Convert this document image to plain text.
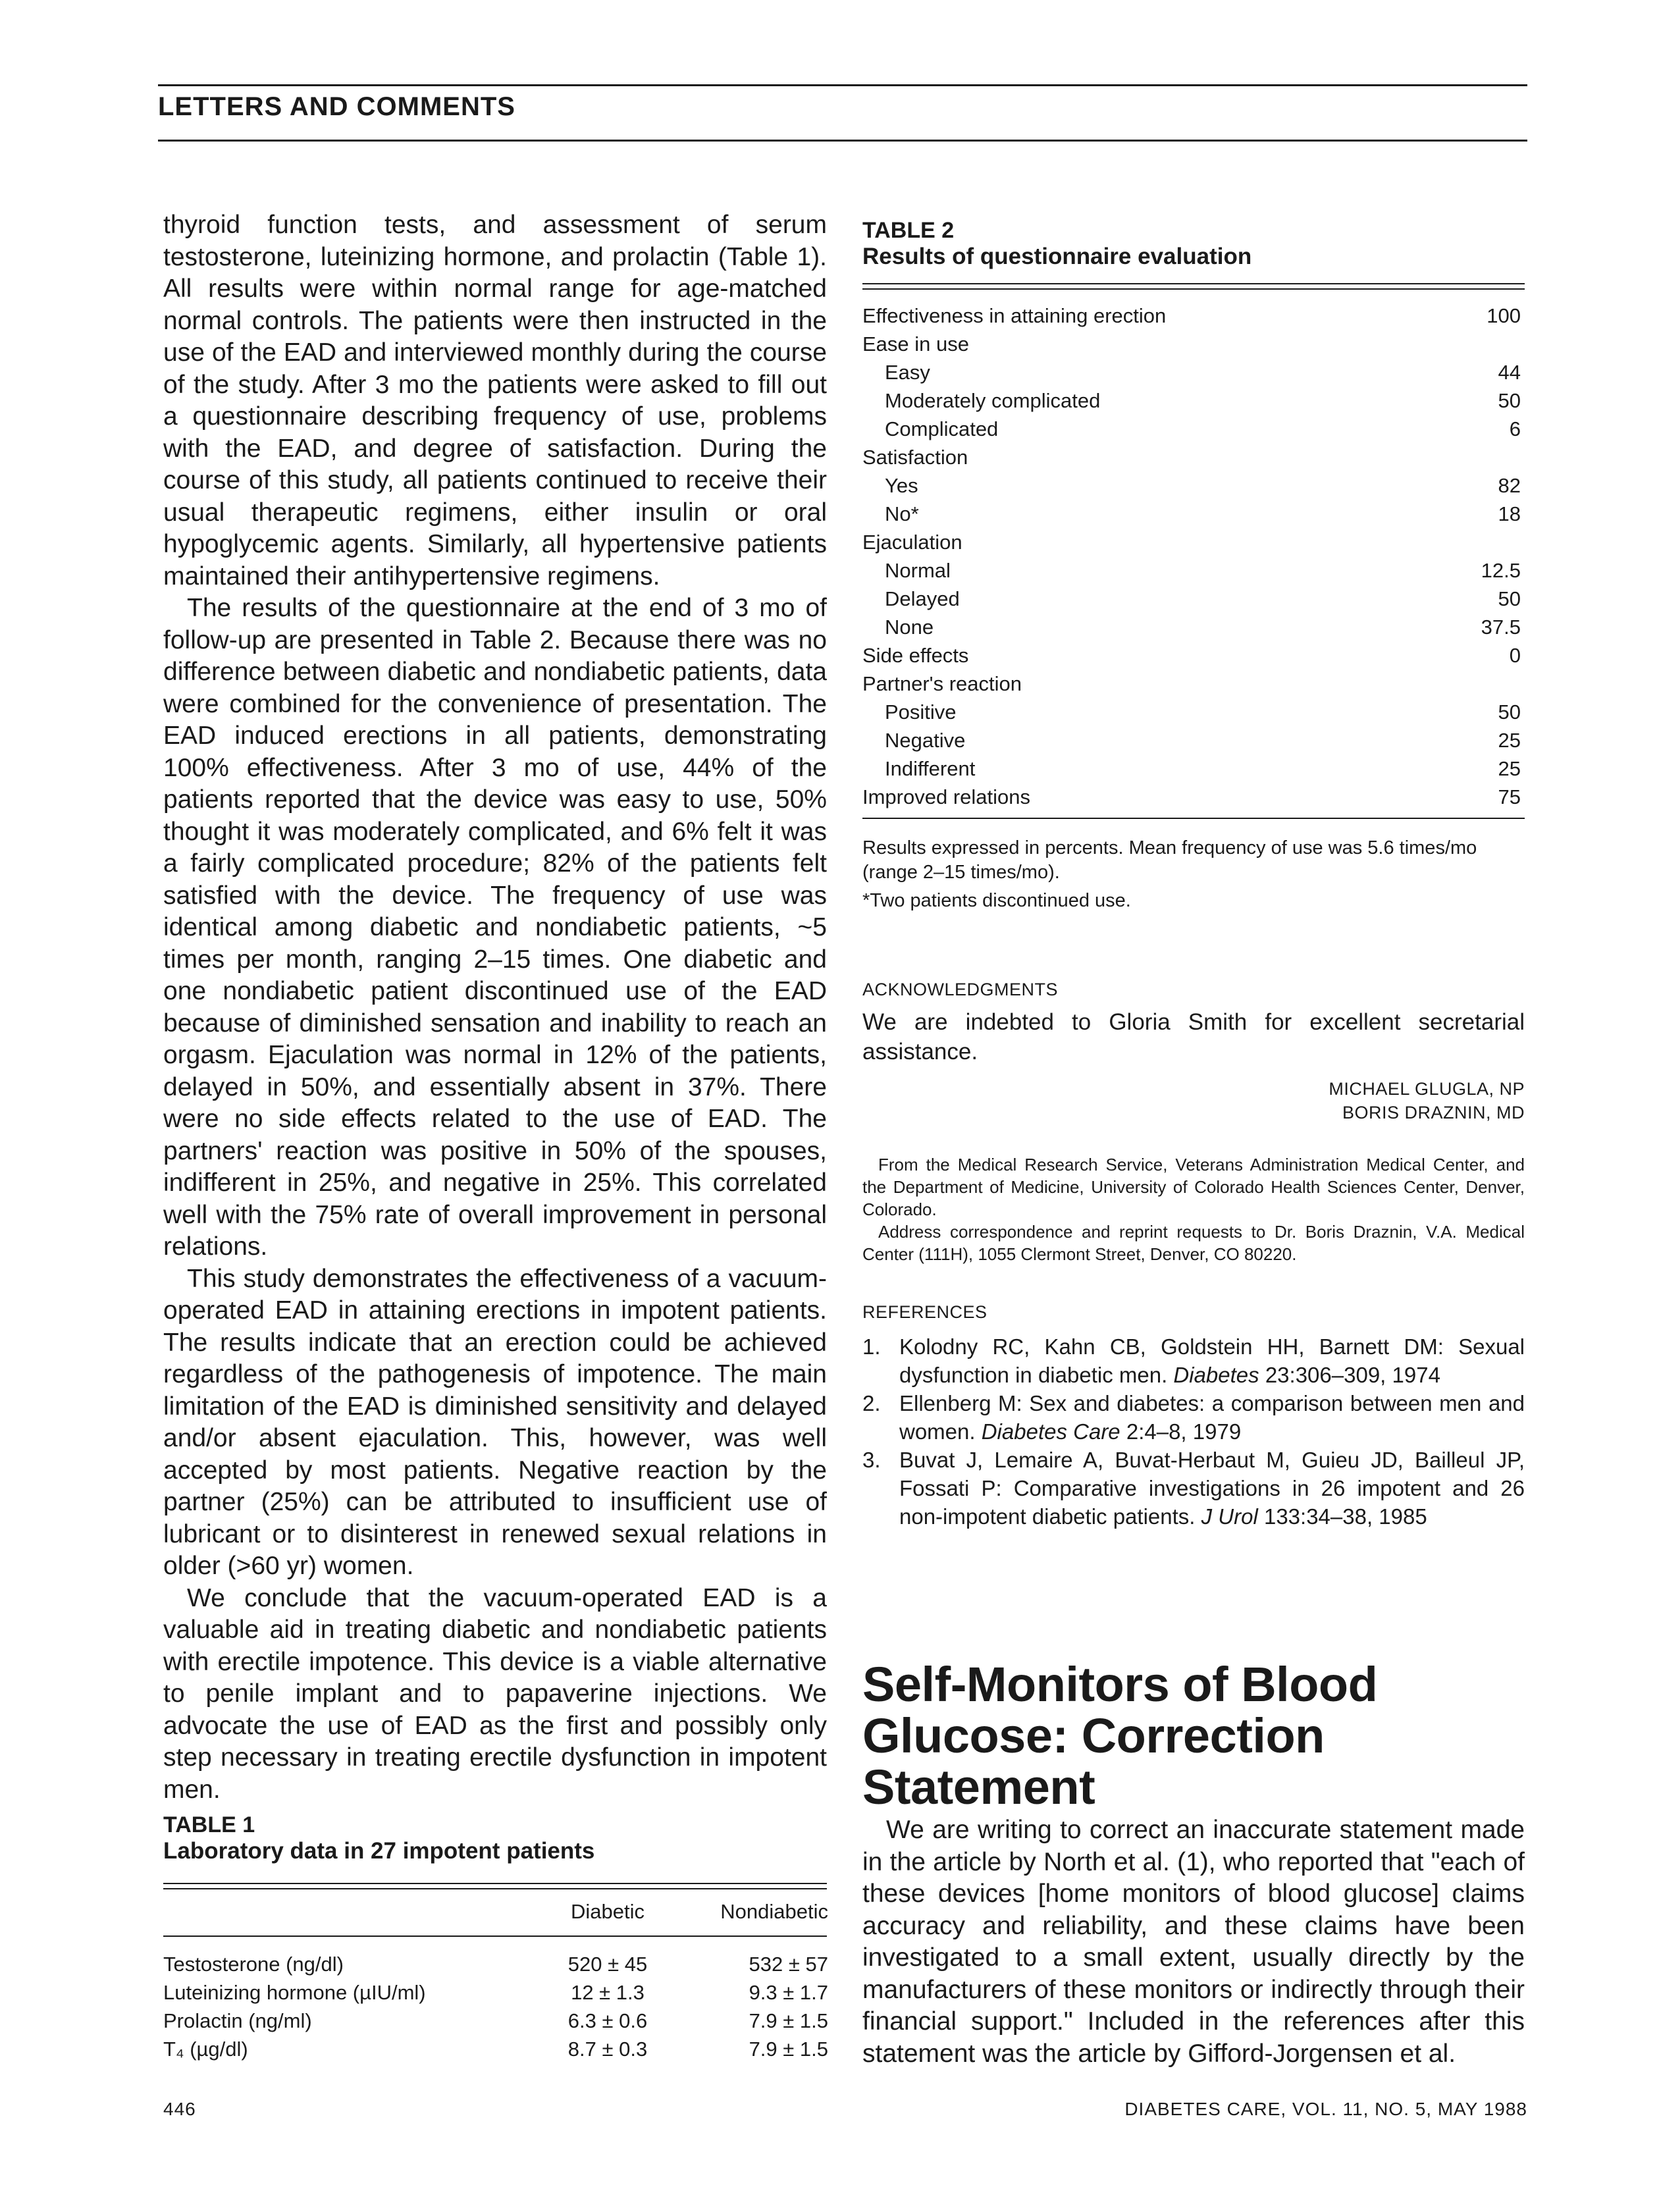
LETTERS AND COMMENTS

thyroid function tests, and assessment of serum testosterone, luteinizing hormone, and prolactin (Table 1). All results were within normal range for age-matched normal controls. The patients were then instructed in the use of the EAD and interviewed monthly during the course of the study. After 3 mo the patients were asked to fill out a questionnaire describing frequency of use, problems with the EAD, and degree of satisfaction. During the course of this study, all patients continued to receive their usual therapeutic regimens, either insulin or oral hypoglycemic agents. Similarly, all hypertensive patients maintained their antihypertensive regimens.

The results of the questionnaire at the end of 3 mo of follow-up are presented in Table 2. Because there was no difference between diabetic and nondiabetic patients, data were combined for the convenience of presentation. The EAD induced erections in all patients, demonstrating 100% effectiveness. After 3 mo of use, 44% of the patients reported that the device was easy to use, 50% thought it was moderately complicated, and 6% felt it was a fairly complicated procedure; 82% of the patients felt satisfied with the device. The frequency of use was identical among diabetic and nondiabetic patients, ~5 times per month, ranging 2–15 times. One diabetic and one nondiabetic patient discontinued use of the EAD because of diminished sensation and inability to reach an orgasm. Ejaculation was normal in 12% of the patients, delayed in 50%, and essentially absent in 37%. There were no side effects related to the use of EAD. The partners' reaction was positive in 50% of the spouses, indifferent in 25%, and negative in 25%. This correlated well with the 75% rate of overall improvement in personal relations.

This study demonstrates the effectiveness of a vacuum-operated EAD in attaining erections in impotent patients. The results indicate that an erection could be achieved regardless of the pathogenesis of impotence. The main limitation of the EAD is diminished sensitivity and delayed and/or absent ejaculation. This, however, was well accepted by most patients. Negative reaction by the partner (25%) can be attributed to insufficient use of lubricant or to disinterest in renewed sexual relations in older (>60 yr) women.

We conclude that the vacuum-operated EAD is a valuable aid in treating diabetic and nondiabetic patients with erectile impotence. This device is a viable alternative to penile implant and to papaverine injections. We advocate the use of EAD as the first and possibly only step necessary in treating erectile dysfunction in impotent men.

TABLE 1
Laboratory data in 27 impotent patients
Diabetic	Nondiabetic
Testosterone (ng/dl)	520 ± 45	532 ± 57
Luteinizing hormone (µIU/ml)	12 ± 1.3	9.3 ± 1.7
Prolactin (ng/ml)	6.3 ± 0.6	7.9 ± 1.5
T₄ (µg/dl)	8.7 ± 0.3	7.9 ± 1.5
TABLE 2
Results of questionnaire evaluation
Effectiveness in attaining erection	100
Ease in use
Easy	44
Moderately complicated	50
Complicated	6
Satisfaction
Yes	82
No*	18
Ejaculation
Normal	12.5
Delayed	50
None	37.5
Side effects	0
Partner's reaction
Positive	50
Negative	25
Indifferent	25
Improved relations	75
Results expressed in percents. Mean frequency of use was 5.6 times/mo (range 2–15 times/mo).
*Two patients discontinued use.
ACKNOWLEDGMENTS
We are indebted to Gloria Smith for excellent secretarial assistance.
MICHAEL GLUGLA, NP
BORIS DRAZNIN, MD

From the Medical Research Service, Veterans Administration Medical Center, and the Department of Medicine, University of Colorado Health Sciences Center, Denver, Colorado.

Address correspondence and reprint requests to Dr. Boris Draznin, V.A. Medical Center (111H), 1055 Clermont Street, Denver, CO 80220.

REFERENCES
1. Kolodny RC, Kahn CB, Goldstein HH, Barnett DM: Sexual dysfunction in diabetic men. Diabetes 23:306–309, 1974
2. Ellenberg M: Sex and diabetes: a comparison between men and women. Diabetes Care 2:4–8, 1979
3. Buvat J, Lemaire A, Buvat-Herbaut M, Guieu JD, Bailleul JP, Fossati P: Comparative investigations in 26 impotent and 26 non-impotent diabetic patients. J Urol 133:34–38, 1985
Self-Monitors of Blood
Glucose: Correction
Statement

We are writing to correct an inaccurate statement made in the article by North et al. (1), who reported that "each of these devices [home monitors of blood glucose] claims accuracy and reliability, and these claims have been investigated to a small extent, usually directly by the manufacturers of these monitors or indirectly through their financial support." Included in the references after this statement was the article by Gifford-Jorgensen et al.

446	DIABETES CARE, VOL. 11, NO. 5, MAY 1988
